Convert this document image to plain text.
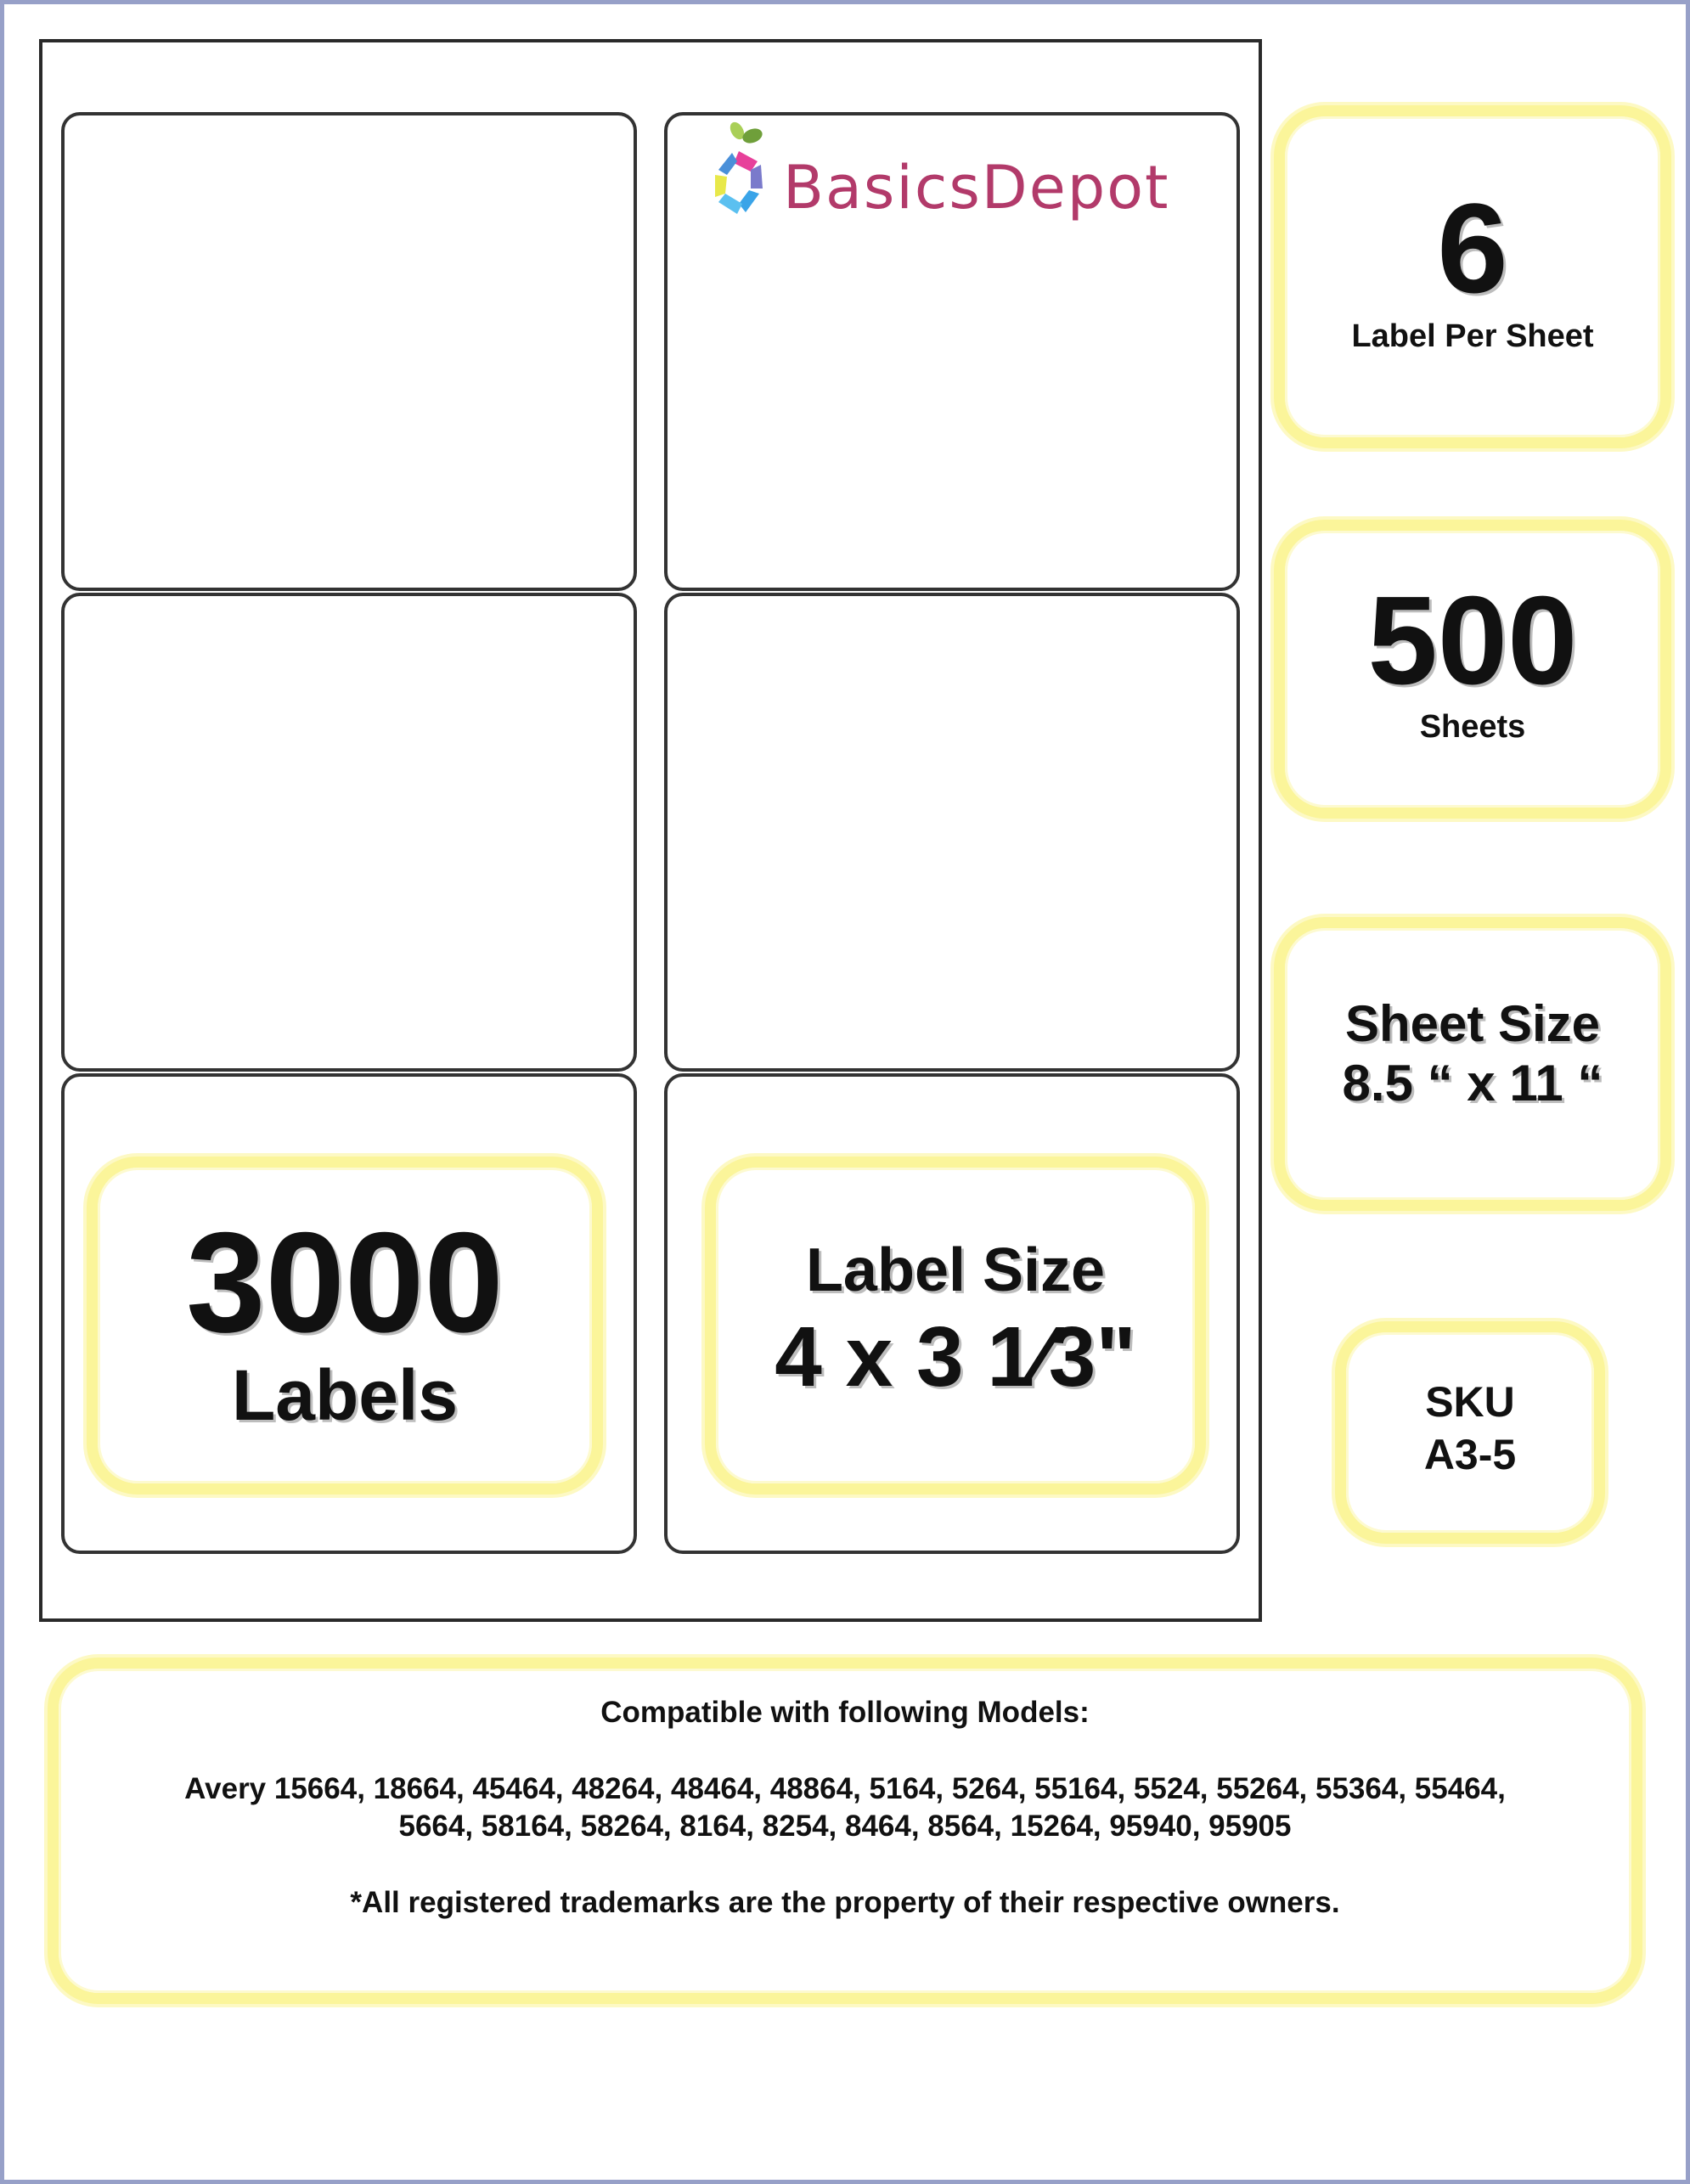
BasicsDepot
3000
Labels
Label Size
4 x 3 1⁄3"
6
Label Per Sheet
500
Sheets
Sheet Size
8.5 “ x 11 “
SKU
A3-5
Compatible with following Models:
Avery 15664, 18664, 45464, 48264, 48464, 48864, 5164, 5264, 55164, 5524, 55264, 55364, 55464,
5664, 58164, 58264, 8164, 8254, 8464, 8564, 15264, 95940, 95905
*All registered trademarks are the property of their respective owners.
